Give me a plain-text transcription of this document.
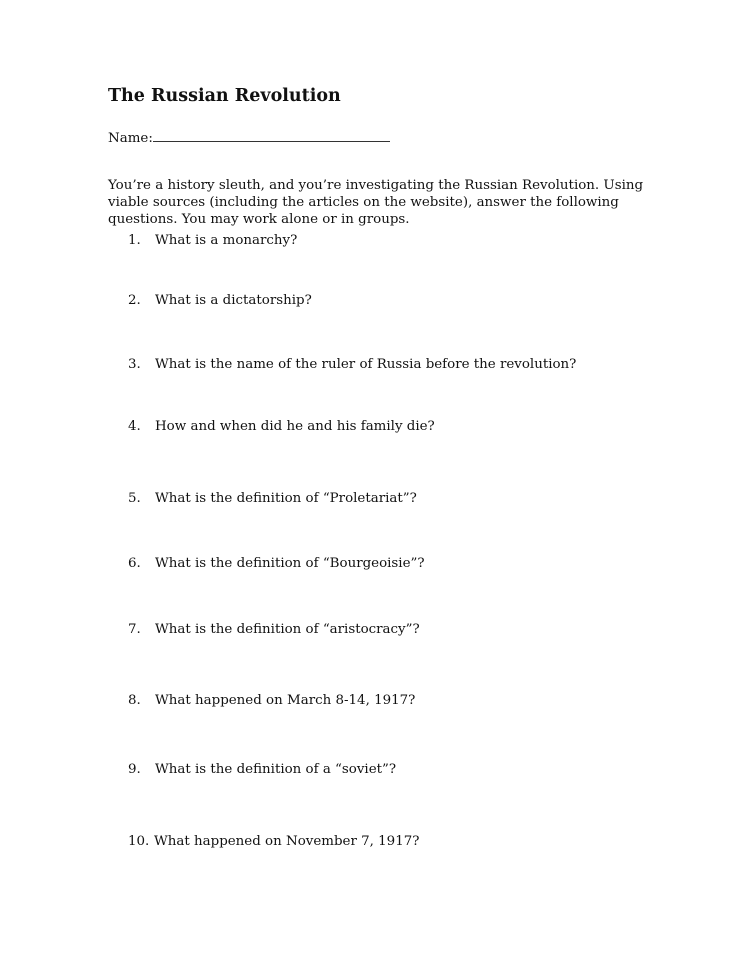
The Russian Revolution
Name:
You’re a history sleuth, and you’re investigating the Russian Revolution. Using viable sources (including the articles on the website), answer the following questions. You may work alone or in groups.
1. What is a monarchy?
2. What is a dictatorship?
3. What is the name of the ruler of Russia before the revolution?
4. How and when did he and his family die?
5. What is the definition of “Proletariat”?
6. What is the definition of “Bourgeoisie”?
7. What is the definition of “aristocracy”?
8. What happened on March 8-14, 1917?
9. What is the definition of a “soviet”?
10. What happened on November 7, 1917?
